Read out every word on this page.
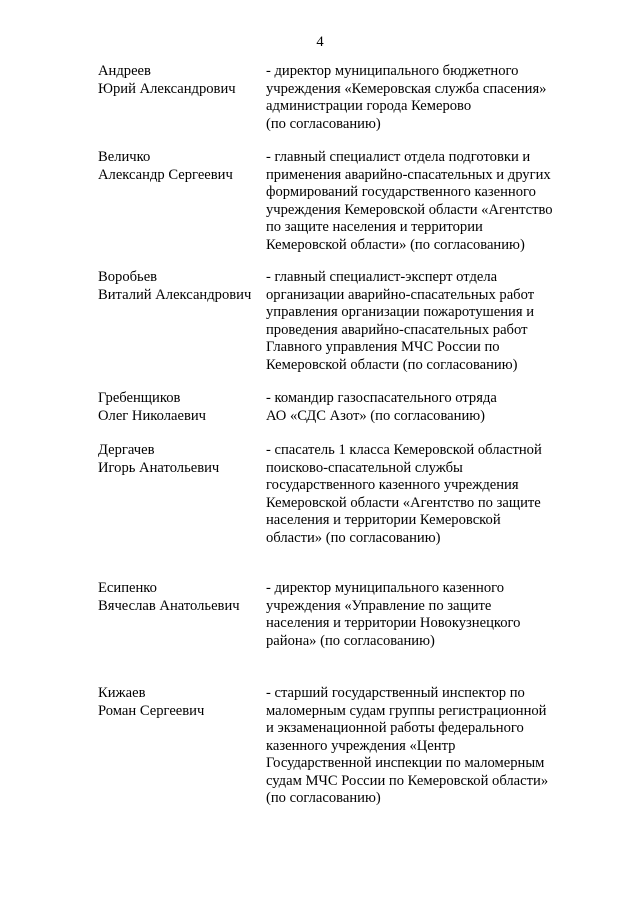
4
Андреев
Юрий Александрович
- директор муниципального бюджетного
учреждения «Кемеровская служба спасения»
администрации города Кемерово
(по согласованию)
Величко
Александр Сергеевич
- главный специалист отдела подготовки и
применения аварийно-спасательных и других
формирований государственного казенного
учреждения Кемеровской области «Агентство
по защите населения и территории
Кемеровской области» (по согласованию)
Воробьев
Виталий Александрович
- главный специалист-эксперт отдела
организации аварийно-спасательных работ
управления организации пожаротушения и
проведения аварийно-спасательных работ
Главного управления МЧС России по
Кемеровской области (по согласованию)
Гребенщиков
Олег Николаевич
- командир газоспасательного отряда
АО «СДС Азот» (по согласованию)
Дергачев
Игорь Анатольевич
- спасатель 1 класса Кемеровской областной
поисково-спасательной службы
государственного казенного учреждения
Кемеровской области «Агентство по защите
населения и территории Кемеровской
области» (по согласованию)
Есипенко
Вячеслав Анатольевич
- директор муниципального казенного
учреждения «Управление по защите
населения и территории Новокузнецкого
района» (по согласованию)
Кижаев
Роман Сергеевич
- старший государственный инспектор по
маломерным судам группы регистрационной
и экзаменационной работы федерального
казенного учреждения «Центр
Государственной инспекции по маломерным
судам МЧС России по Кемеровской области»
(по согласованию)
